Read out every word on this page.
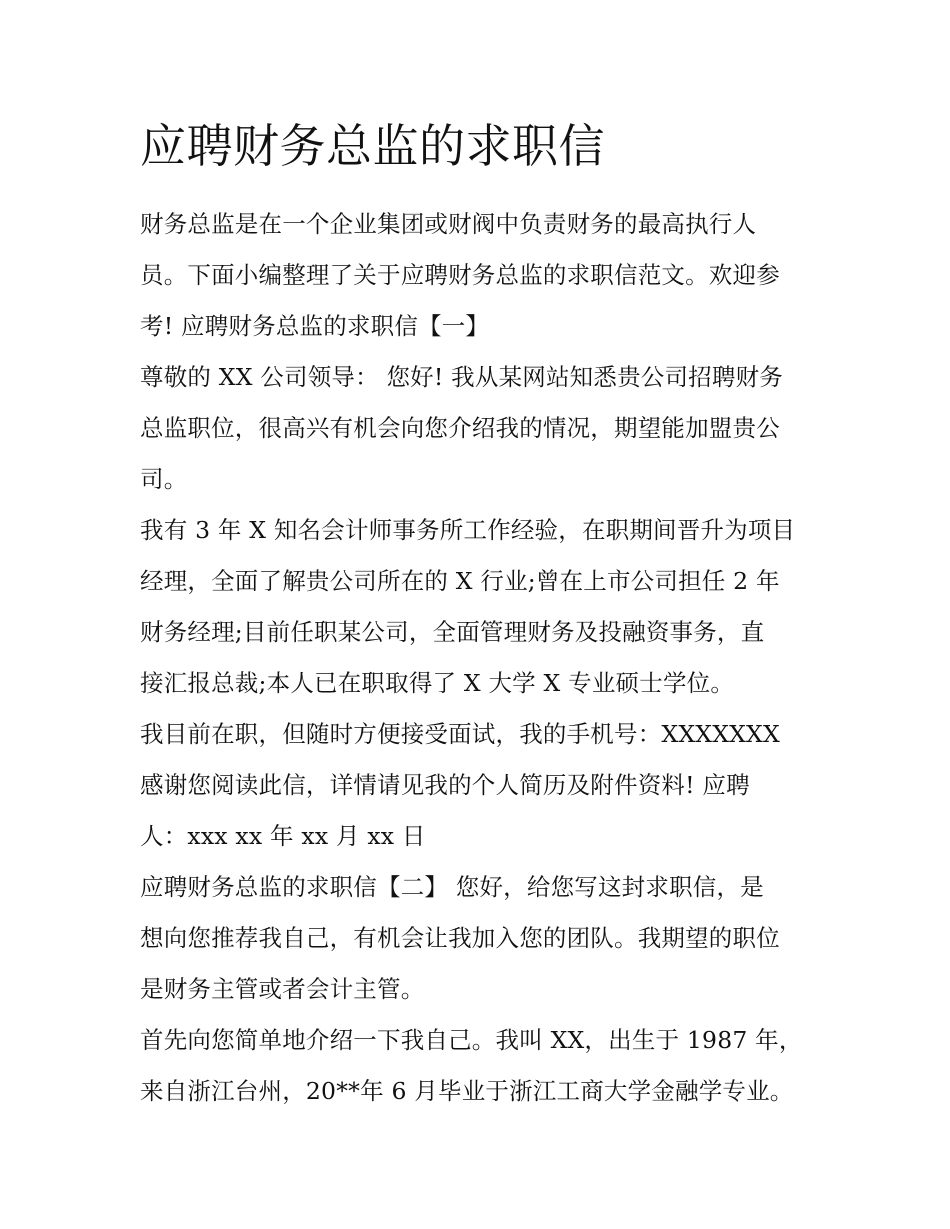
应聘财务总监的求职信
财务总监是在一个企业集团或财阀中负责财务的最高执行人
员。下面小编整理了关于应聘财务总监的求职信范文。欢迎参
考! 应聘财务总监的求职信【一】
尊敬的 XX 公司领导： 您好! 我从某网站知悉贵公司招聘财务
总监职位，很高兴有机会向您介绍我的情况，期望能加盟贵公
司。
我有 3 年 X 知名会计师事务所工作经验，在职期间晋升为项目
经理，全面了解贵公司所在的 X 行业;曾在上市公司担任 2 年
财务经理;目前任职某公司，全面管理财务及投融资事务，直
接汇报总裁;本人已在职取得了 X 大学 X 专业硕士学位。
我目前在职，但随时方便接受面试，我的手机号：XXXXXXX
感谢您阅读此信，详情请见我的个人简历及附件资料! 应聘
人：xxx xx 年 xx 月 xx 日
应聘财务总监的求职信【二】 您好，给您写这封求职信，是
想向您推荐我自己，有机会让我加入您的团队。我期望的职位
是财务主管或者会计主管。
首先向您简单地介绍一下我自己。我叫 XX，出生于 1987 年，
来自浙江台州，20**年 6 月毕业于浙江工商大学金融学专业。
